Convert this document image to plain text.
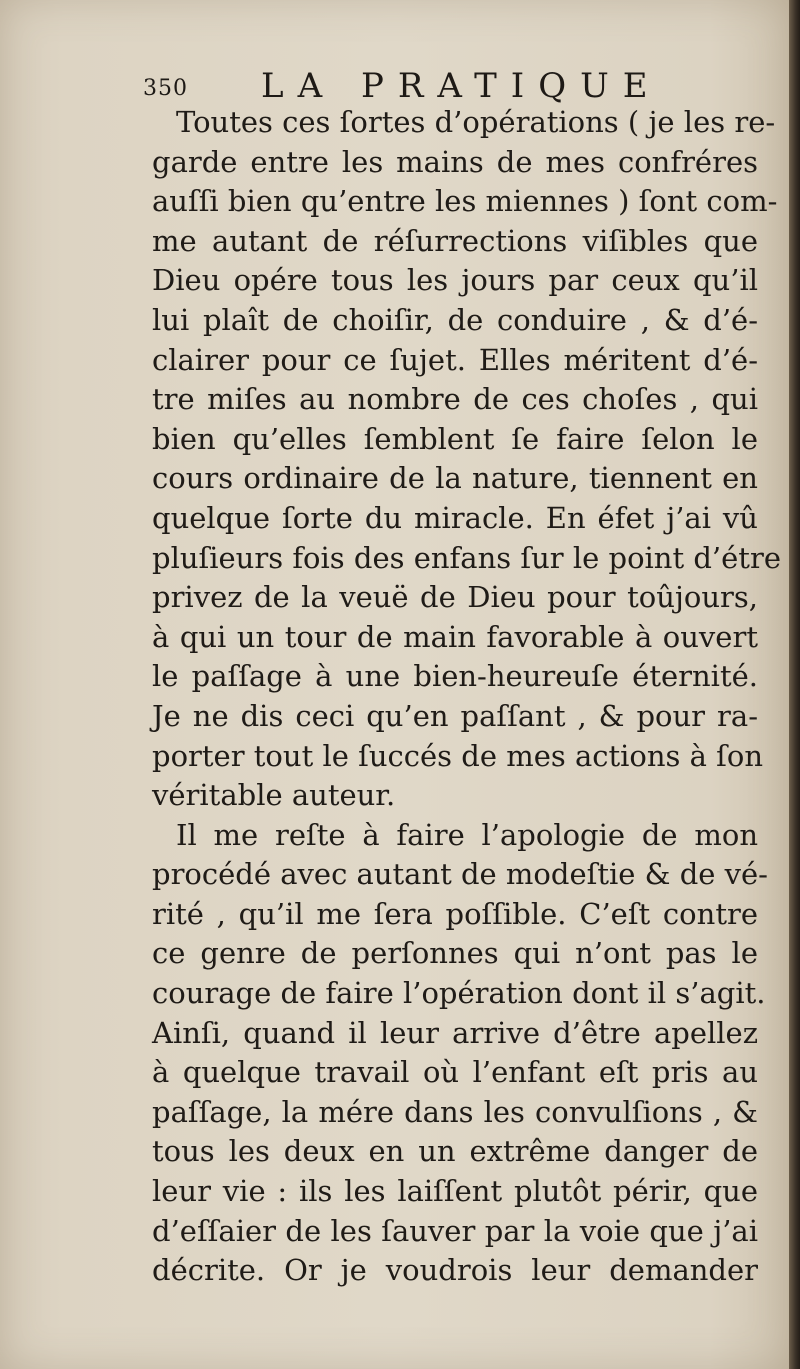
350 LA PRATIQUE
Toutes ces ſortes d’opérations ( je les re-
garde entre les mains de mes confréres
auſſi bien qu’entre les miennes ) ſont com-
me autant de réſurrections viſibles que
Dieu opére tous les jours par ceux qu’il
lui plaît de choiſir, de conduire , & d’é-
clairer pour ce ſujet. Elles méritent d’é-
tre miſes au nombre de ces choſes , qui
bien qu’elles ſemblent ſe faire ſelon le
cours ordinaire de la nature, tiennent en
quelque ſorte du miracle. En éfet j’ai vû
pluſieurs fois des enfans ſur le point d’étre
privez de la veuë de Dieu pour toûjours,
à qui un tour de main favorable à ouvert
le paſſage à une bien-heureuſe éternité.
Je ne dis ceci qu’en paſſant , & pour ra-
porter tout le ſuccés de mes actions à ſon
véritable auteur.
Il me reſte à faire l’apologie de mon
procédé avec autant de modeſtie & de vé-
rité , qu’il me ſera poſſible. C’eſt contre
ce genre de perſonnes qui n’ont pas le
courage de faire l’opération dont il s’agit.
Ainſi, quand il leur arrive d’être apellez
à quelque travail où l’enfant eſt pris au
paſſage, la mére dans les convulſions , &
tous les deux en un extrême danger de
leur vie : ils les laiſſent plutôt périr, que
d’eſſaier de les ſauver par la voie que j’ai
décrite. Or je voudrois leur demander
